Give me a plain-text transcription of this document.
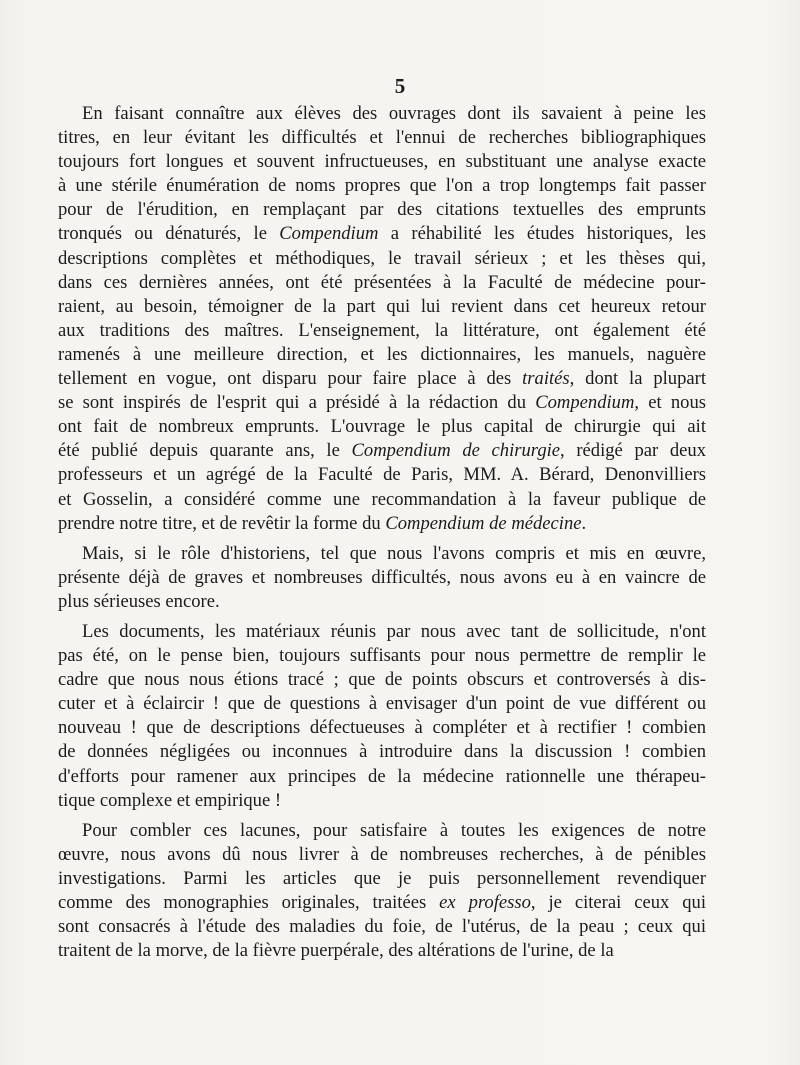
5

En faisant connaître aux élèves des ouvrages dont ils savaient à peine les
titres, en leur évitant les difficultés et l'ennui de recherches bibliographiques
toujours fort longues et souvent infructueuses, en substituant une analyse exacte
à une stérile énumération de noms propres que l'on a trop longtemps fait passer
pour de l'érudition, en remplaçant par des citations textuelles des emprunts
tronqués ou dénaturés, le Compendium a réhabilité les études historiques, les
descriptions complètes et méthodiques, le travail sérieux ; et les thèses qui,
dans ces dernières années, ont été présentées à la Faculté de médecine pour-
raient, au besoin, témoigner de la part qui lui revient dans cet heureux retour
aux traditions des maîtres. L'enseignement, la littérature, ont également été
ramenés à une meilleure direction, et les dictionnaires, les manuels, naguère
tellement en vogue, ont disparu pour faire place à des traités, dont la plupart
se sont inspirés de l'esprit qui a présidé à la rédaction du Compendium, et nous
ont fait de nombreux emprunts. L'ouvrage le plus capital de chirurgie qui ait
été publié depuis quarante ans, le Compendium de chirurgie, rédigé par deux
professeurs et un agrégé de la Faculté de Paris, MM. A. Bérard, Denonvilliers
et Gosselin, a considéré comme une recommandation à la faveur publique de
prendre notre titre, et de revêtir la forme du Compendium de médecine.

Mais, si le rôle d'historiens, tel que nous l'avons compris et mis en œuvre,
présente déjà de graves et nombreuses difficultés, nous avons eu à en vaincre de
plus sérieuses encore.

Les documents, les matériaux réunis par nous avec tant de sollicitude, n'ont
pas été, on le pense bien, toujours suffisants pour nous permettre de remplir le
cadre que nous nous étions tracé ; que de points obscurs et controversés à dis-
cuter et à éclaircir ! que de questions à envisager d'un point de vue différent ou
nouveau ! que de descriptions défectueuses à compléter et à rectifier ! combien
de données négligées ou inconnues à introduire dans la discussion ! combien
d'efforts pour ramener aux principes de la médecine rationnelle une thérapeu-
tique complexe et empirique !

Pour combler ces lacunes, pour satisfaire à toutes les exigences de notre
œuvre, nous avons dû nous livrer à de nombreuses recherches, à de pénibles
investigations. Parmi les articles que je puis personnellement revendiquer
comme des monographies originales, traitées ex professo, je citerai ceux qui
sont consacrés à l'étude des maladies du foie, de l'utérus, de la peau ; ceux qui
traitent de la morve, de la fièvre puerpérale, des altérations de l'urine, de la
